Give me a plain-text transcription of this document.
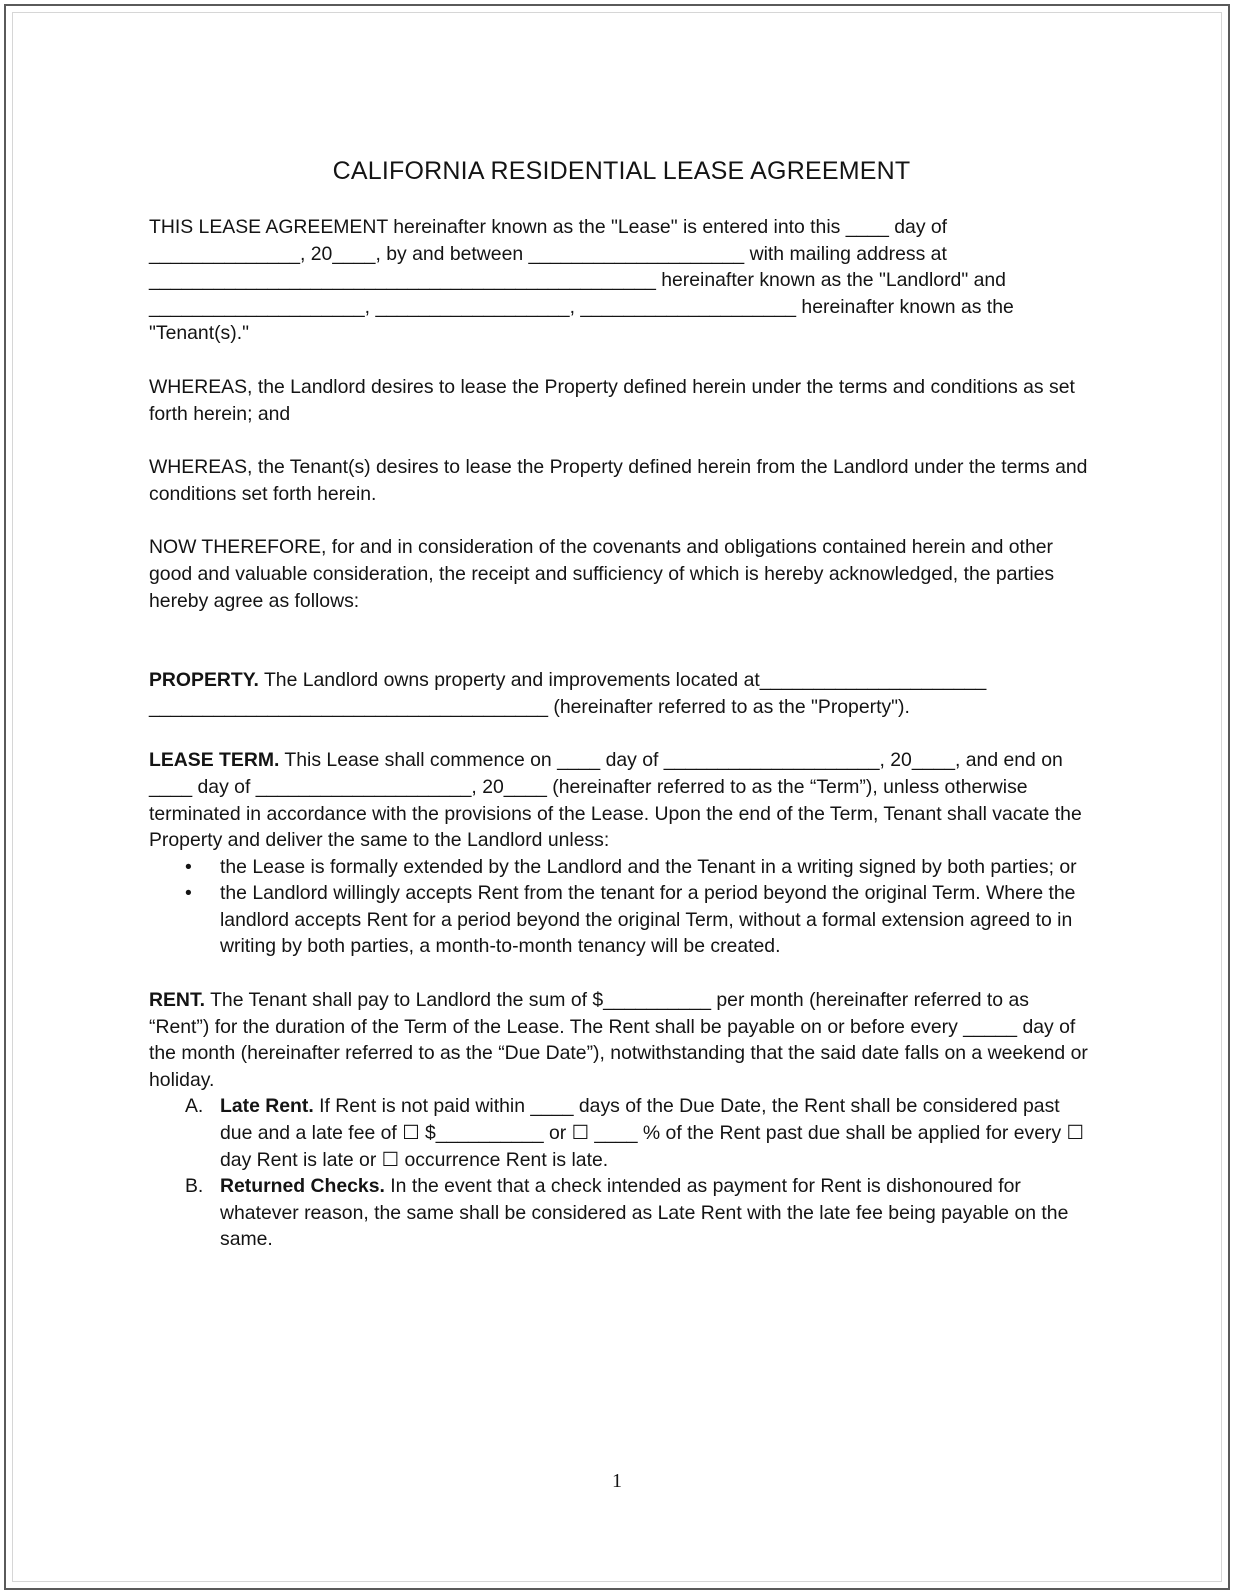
CALIFORNIA RESIDENTIAL LEASE AGREEMENT

THIS LEASE AGREEMENT hereinafter known as the "Lease" is entered into this ____ day of ______________, 20____, by and between ____________________ with mailing address at _______________________________________________ hereinafter known as the "Landlord" and ____________________, __________________, ____________________ hereinafter known as the "Tenant(s)."

WHEREAS, the Landlord desires to lease the Property defined herein under the terms and conditions as set forth herein; and

WHEREAS, the Tenant(s) desires to lease the Property defined herein from the Landlord under the terms and conditions set forth herein.

NOW THEREFORE, for and in consideration of the covenants and obligations contained herein and other good and valuable consideration, the receipt and sufficiency of which is hereby acknowledged, the parties hereby agree as follows:

PROPERTY. The Landlord owns property and improvements located at_____________________ _____________________________________ (hereinafter referred to as the "Property").

LEASE TERM. This Lease shall commence on ____ day of ____________________, 20____, and end on ____ day of ____________________, 20____ (hereinafter referred to as the “Term”), unless otherwise terminated in accordance with the provisions of the Lease. Upon the end of the Term, Tenant shall vacate the Property and deliver the same to the Landlord unless:

• the Lease is formally extended by the Landlord and the Tenant in a writing signed by both parties; or
• the Landlord willingly accepts Rent from the tenant for a period beyond the original Term. Where the landlord accepts Rent for a period beyond the original Term, without a formal extension agreed to in writing by both parties, a month-to-month tenancy will be created.

RENT. The Tenant shall pay to Landlord the sum of $__________ per month (hereinafter referred to as “Rent”) for the duration of the Term of the Lease. The Rent shall be payable on or before every _____ day of the month (hereinafter referred to as the “Due Date”), notwithstanding that the said date falls on a weekend or holiday.

A. Late Rent. If Rent is not paid within ____ days of the Due Date, the Rent shall be considered past due and a late fee of ☐ $__________ or ☐ ____ % of the Rent past due shall be applied for every ☐ day Rent is late or ☐ occurrence Rent is late.
B. Returned Checks. In the event that a check intended as payment for Rent is dishonoured for whatever reason, the same shall be considered as Late Rent with the late fee being payable on the same.
1
